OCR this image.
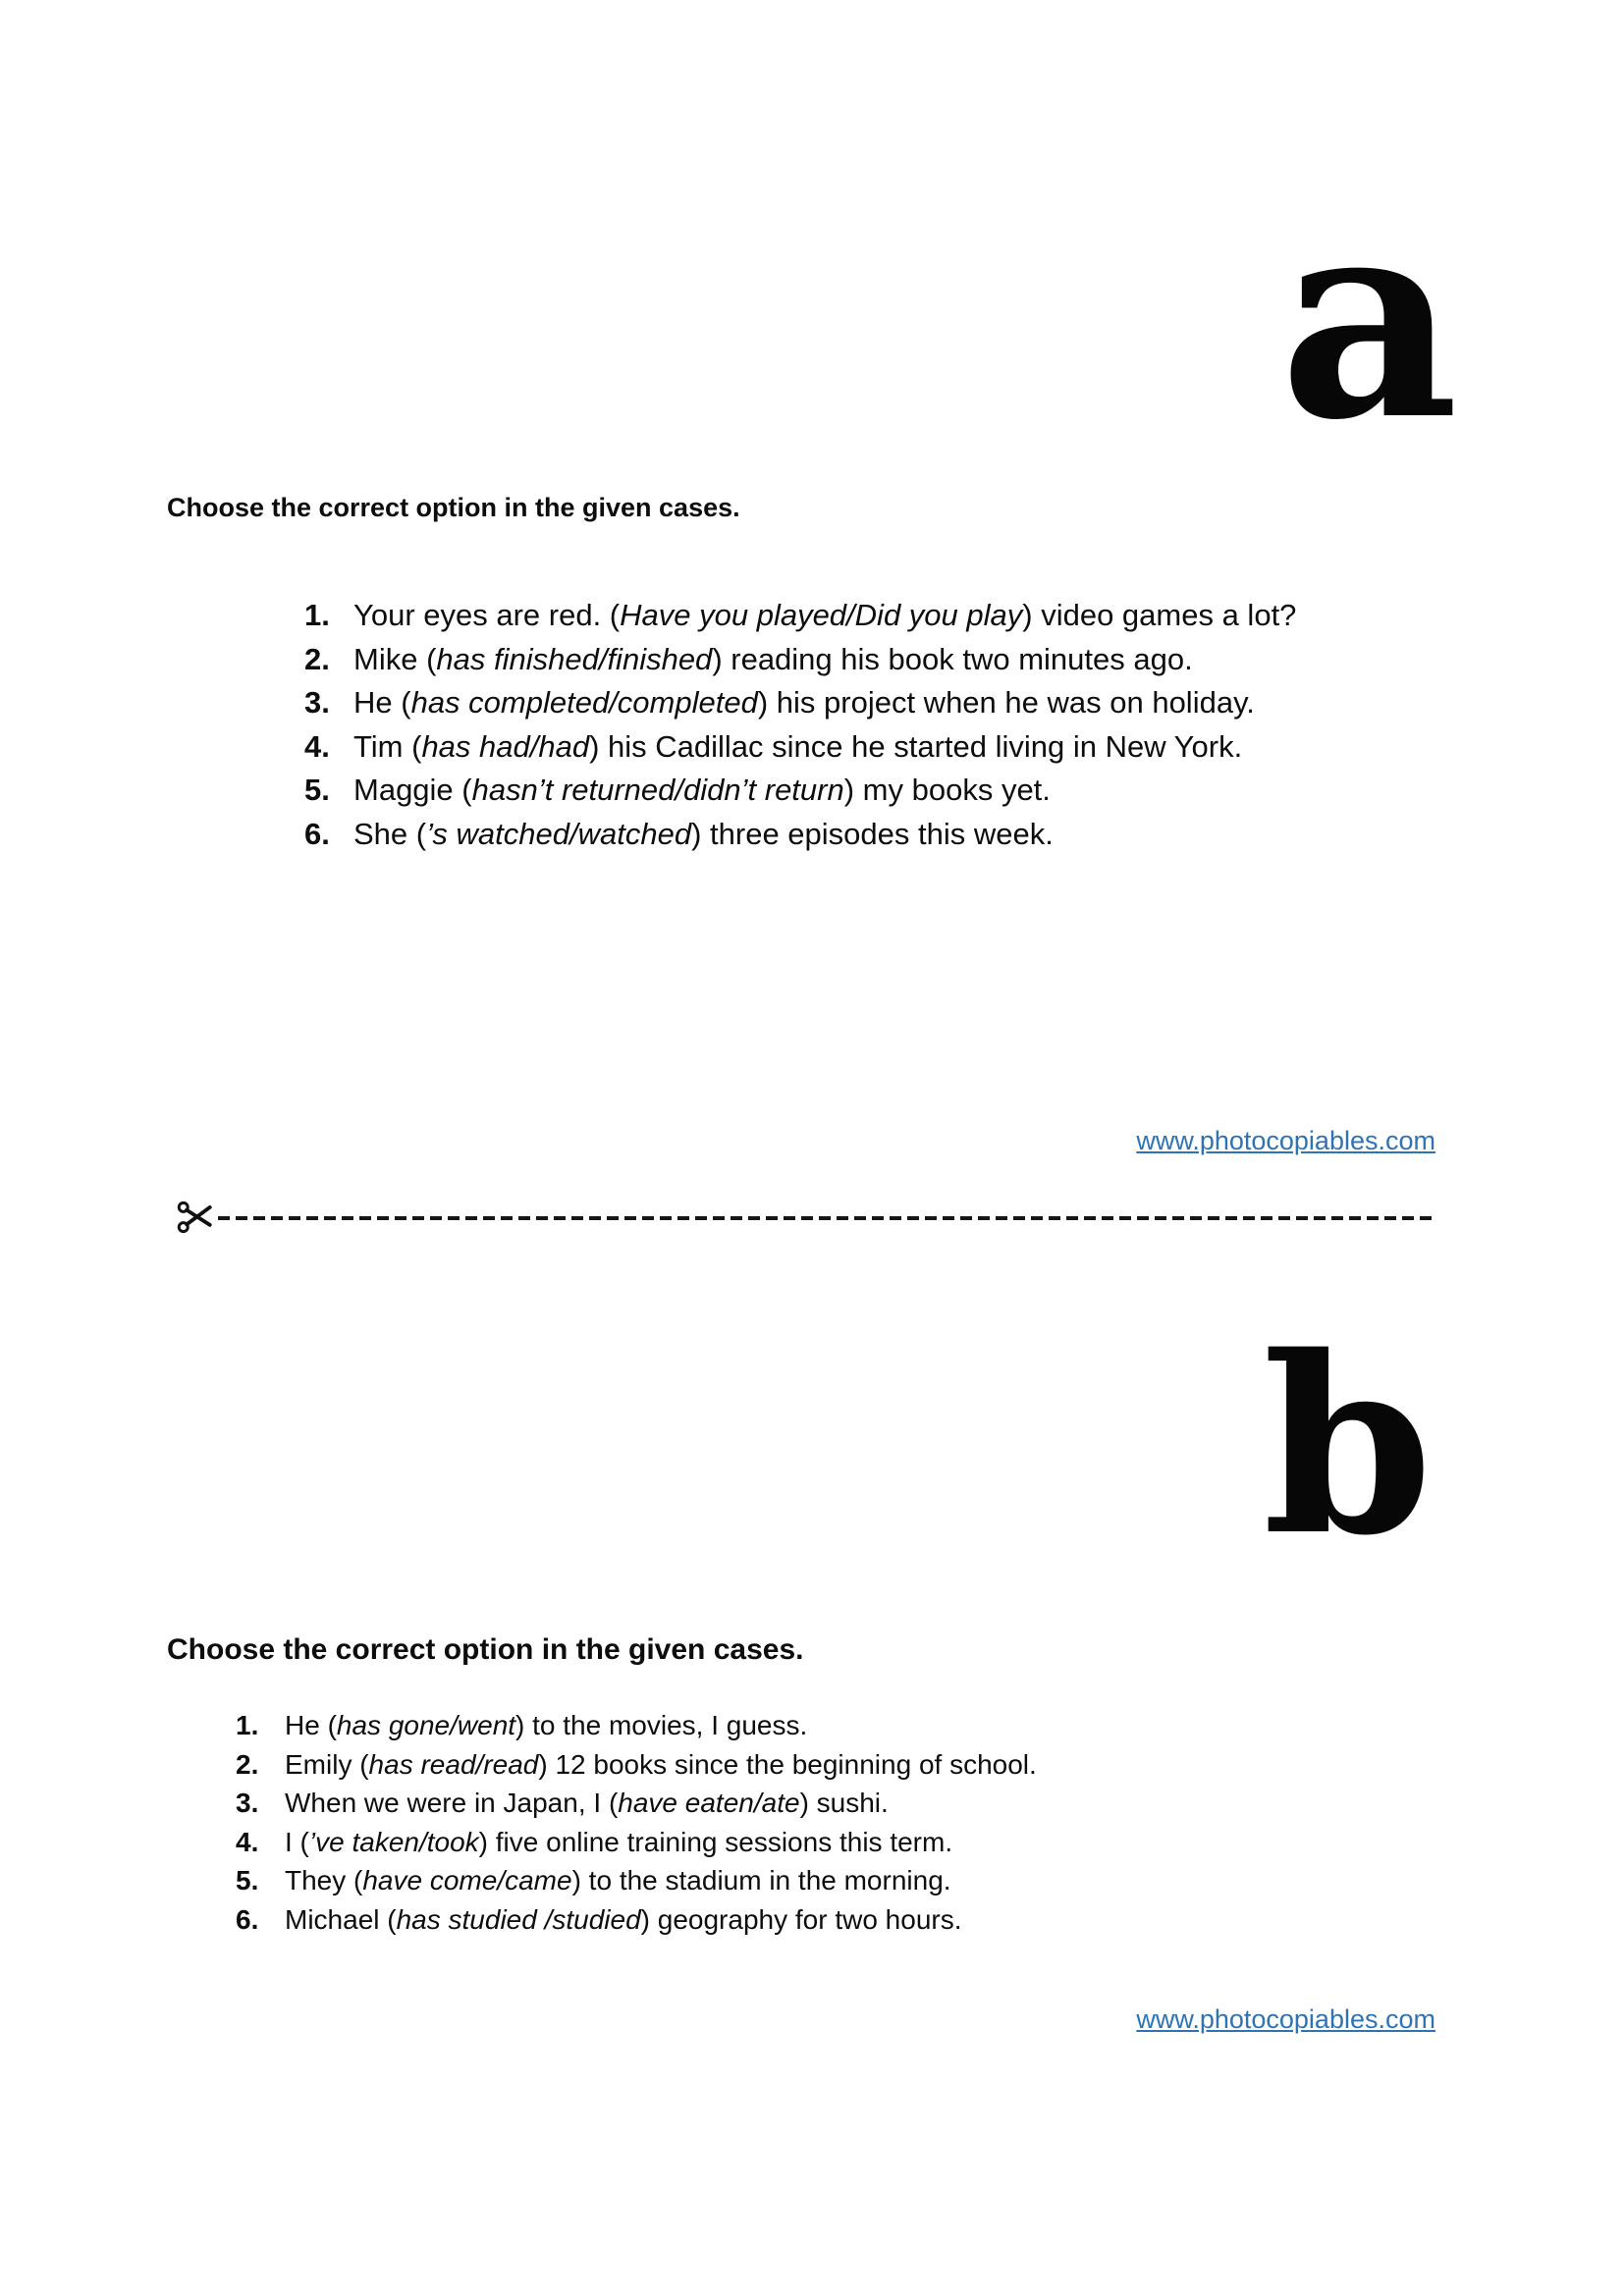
a
Choose the correct option in the given cases.
1. Your eyes are red. (Have you played/Did you play) video games a lot?
2. Mike (has finished/finished) reading his book two minutes ago.
3. He (has completed/completed) his project when he was on holiday.
4. Tim (has had/had) his Cadillac since he started living in New York.
5. Maggie (hasn’t returned/didn’t return) my books yet.
6. She (’s watched/watched) three episodes this week.
www.photocopiables.com
b
Choose the correct option in the given cases.
1. He (has gone/went) to the movies, I guess.
2. Emily (has read/read) 12 books since the beginning of school.
3. When we were in Japan, I (have eaten/ate) sushi.
4. I (’ve taken/took) five online training sessions this term.
5. They (have come/came) to the stadium in the morning.
6. Michael (has studied /studied) geography for two hours.
www.photocopiables.com
